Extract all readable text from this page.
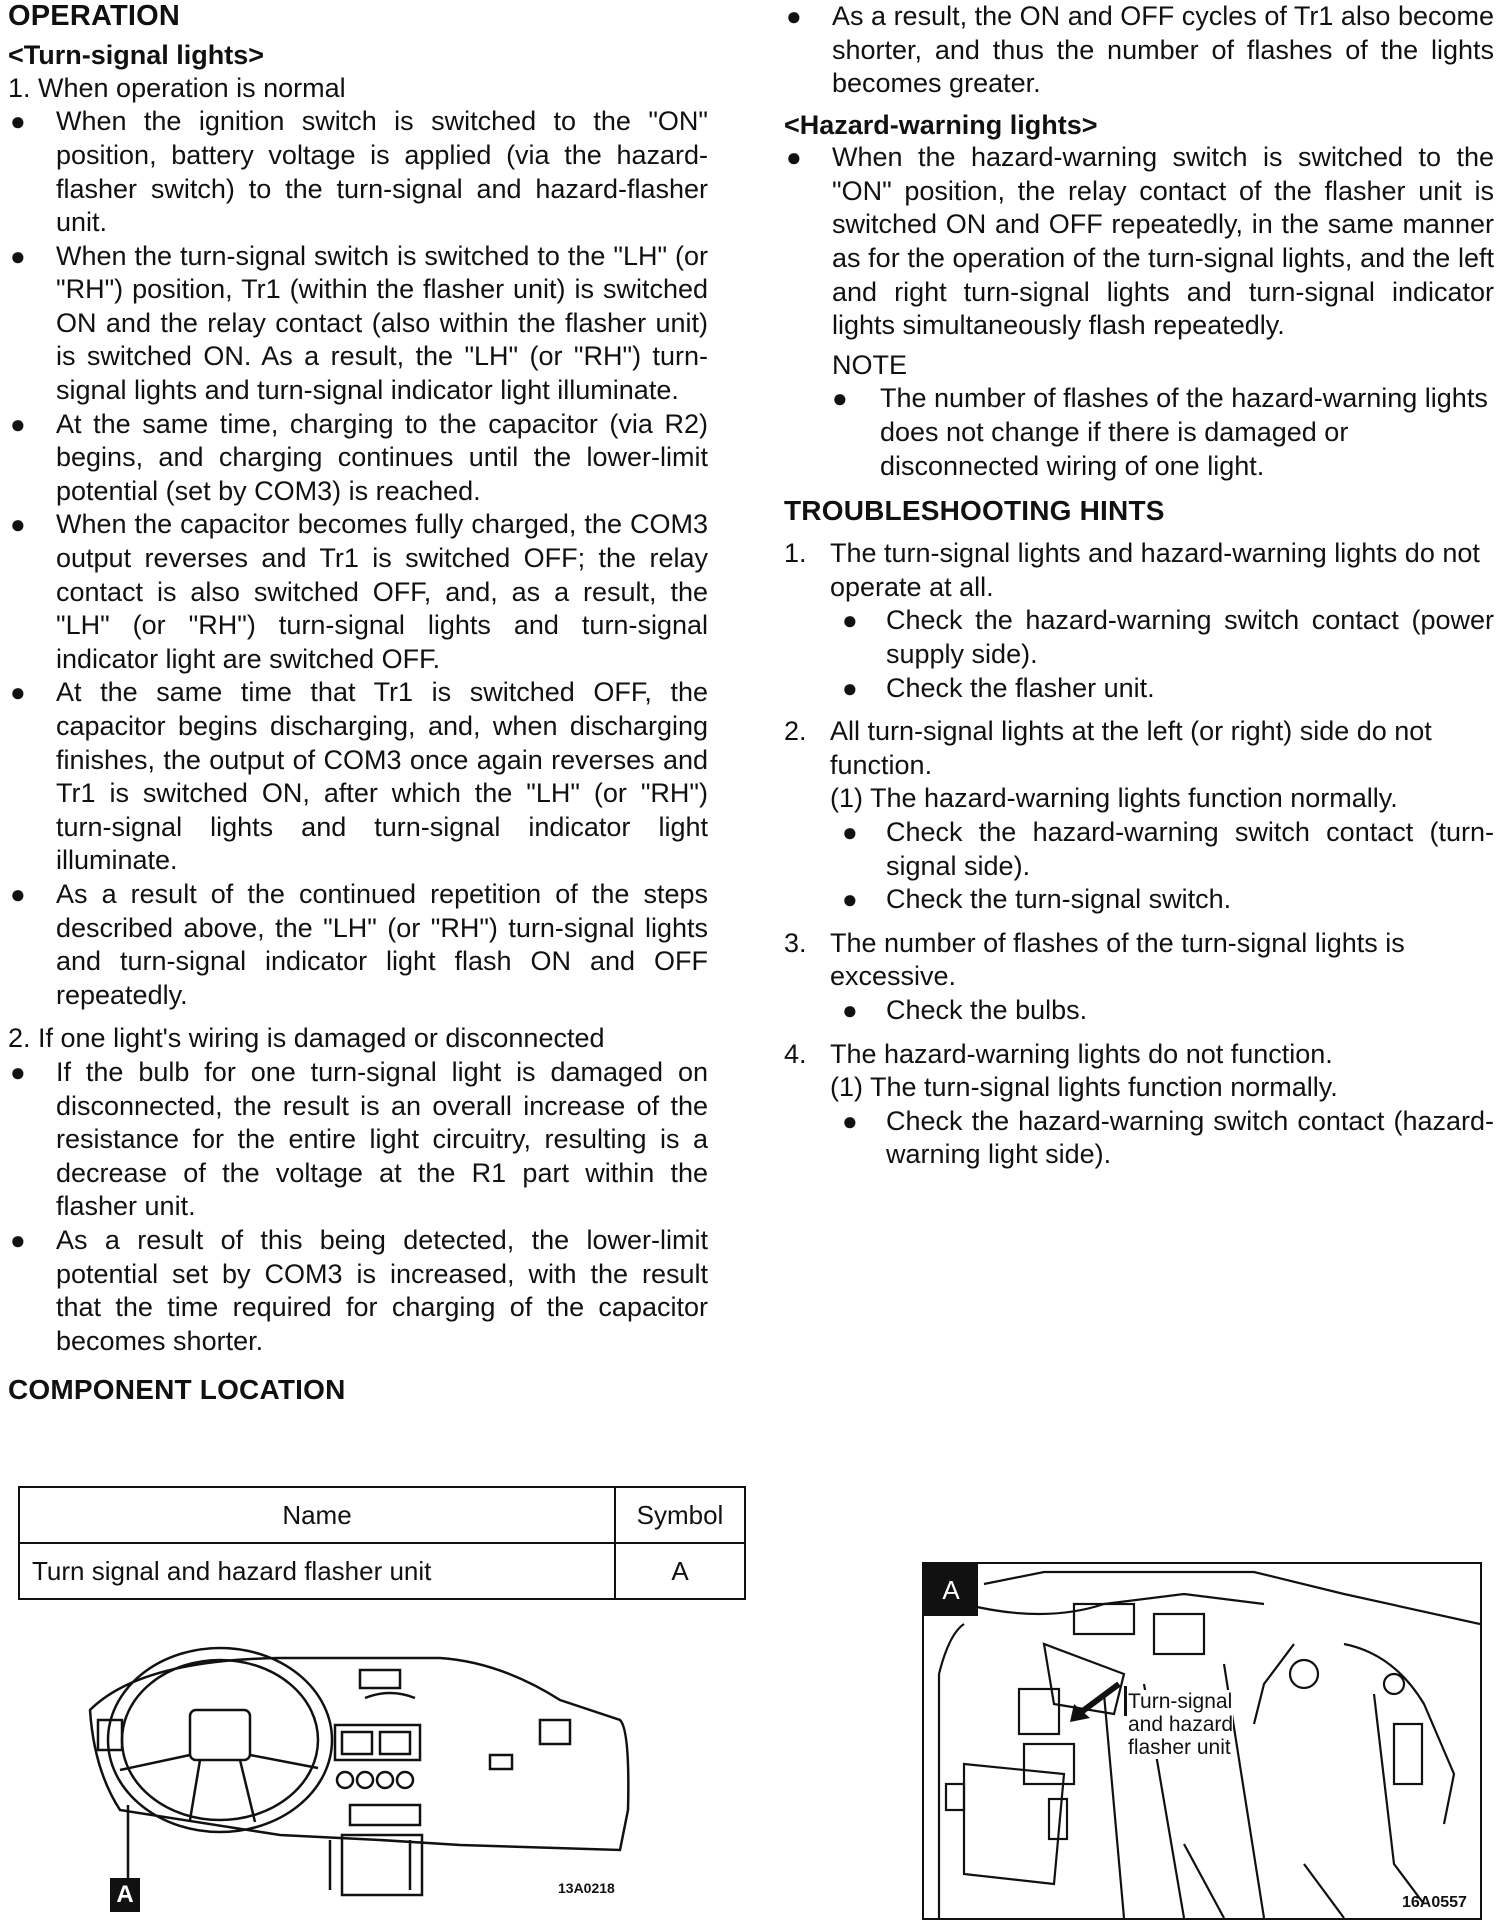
OPERATION

<Turn-signal lights>

1. When operation is normal

● When the ignition switch is switched to the "ON" position, battery voltage is applied (via the hazard-flasher switch) to the turn-signal and hazard-flasher unit.

● When the turn-signal switch is switched to the "LH" (or "RH") position, Tr1 (within the flasher unit) is switched ON and the relay contact (also within the flasher unit) is switched ON. As a result, the "LH" (or "RH") turn-signal lights and turn-signal indicator light illuminate.

● At the same time, charging to the capacitor (via R2) begins, and charging continues until the lower-limit potential (set by COM3) is reached.

● When the capacitor becomes fully charged, the COM3 output reverses and Tr1 is switched OFF; the relay contact is also switched OFF, and, as a result, the "LH" (or "RH") turn-signal lights and turn-signal indicator light are switched OFF.

● At the same time that Tr1 is switched OFF, the capacitor begins discharging, and, when discharging finishes, the output of COM3 once again reverses and Tr1 is switched ON, after which the "LH" (or "RH") turn-signal lights and turn-signal indicator light illuminate.

● As a result of the continued repetition of the steps described above, the "LH" (or "RH") turn-signal lights and turn-signal indicator light flash ON and OFF repeatedly.

2. If one light's wiring is damaged or disconnected

● If the bulb for one turn-signal light is damaged on disconnected, the result is an overall increase of the resistance for the entire light circuitry, resulting is a decrease of the voltage at the R1 part within the flasher unit.

● As a result of this being detected, the lower-limit potential set by COM3 is increased, with the result that the time required for charging of the capacitor becomes shorter.

COMPONENT LOCATION

Name	Symbol
Turn signal and hazard flasher unit	A
A	13A0218

● As a result, the ON and OFF cycles of Tr1 also become shorter, and thus the number of flashes of the lights becomes greater.

<Hazard-warning lights>

● When the hazard-warning switch is switched to the "ON" position, the relay contact of the flasher unit is switched ON and OFF repeatedly, in the same manner as for the operation of the turn-signal lights, and the left and right turn-signal lights and turn-signal indicator lights simultaneously flash repeatedly.

NOTE

● The number of flashes of the hazard-warning lights does not change if there is damaged or disconnected wiring of one light.

TROUBLESHOOTING HINTS

1. The turn-signal lights and hazard-warning lights do not operate at all.

● Check the hazard-warning switch contact (power supply side).

● Check the flasher unit.

2. All turn-signal lights at the left (or right) side do not function.

(1) The hazard-warning lights function normally.

● Check the hazard-warning switch contact (turn-signal side).

● Check the turn-signal switch.

3. The number of flashes of the turn-signal lights is excessive.

● Check the bulbs.

4. The hazard-warning lights do not function.

(1) The turn-signal lights function normally.

● Check the hazard-warning switch contact (hazard-warning light side).

A
Turn-signal
and hazard
flasher unit
16A0557
